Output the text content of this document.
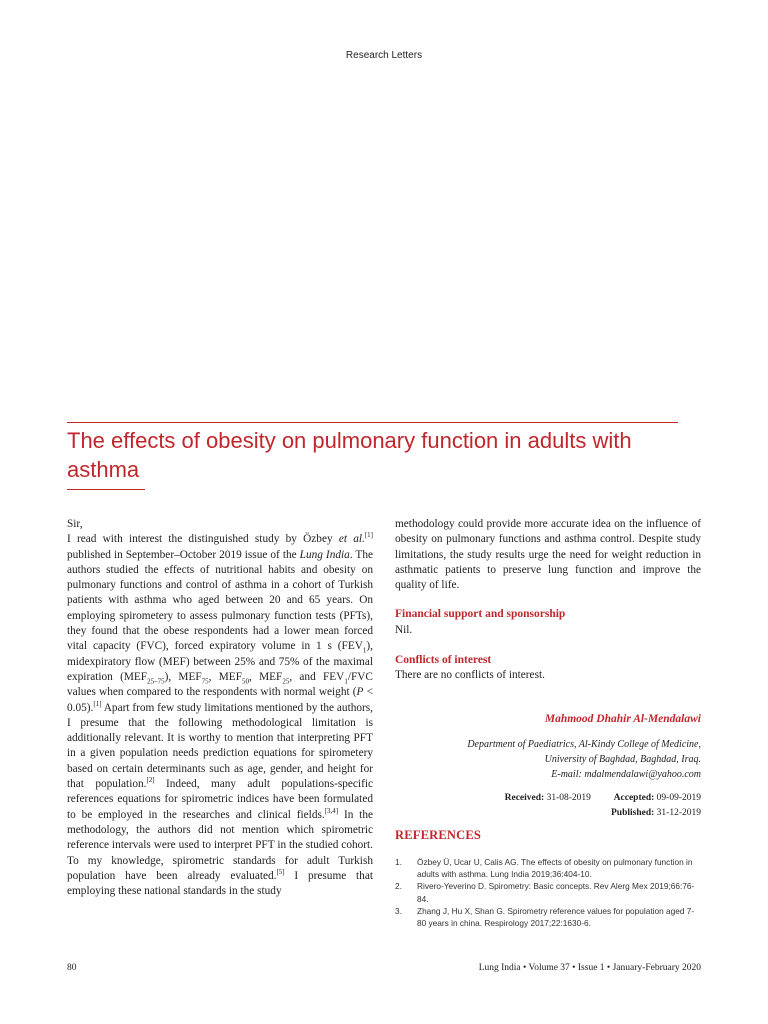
Research Letters
The effects of obesity on pulmonary function in adults with asthma

Sir,

I read with interest the distinguished study by Özbey et al.[1] published in September–October 2019 issue of the Lung India. The authors studied the effects of nutritional habits and obesity on pulmonary functions and control of asthma in a cohort of Turkish patients with asthma who aged between 20 and 65 years. On employing spirometery to assess pulmonary function tests (PFTs), they found that the obese respondents had a lower mean forced vital capacity (FVC), forced expiratory volume in 1 s $(FEV_1)$, midexpiratory flow (MEF) between 25% and 75% of the maximal expiration $(MEF_{25-75})$, $MEF_{75}$, $MEF_{50}$, $MEF_{25}$, and $FEV_1$/FVC values when compared to the respondents with normal weight (P < 0.05).[1] Apart from few study limitations mentioned by the authors, I presume that the following methodological limitation is additionally relevant. It is worthy to mention that interpreting PFT in a given population needs prediction equations for spirometery based on certain determinants such as age, gender, and height for that population.[2] Indeed, many adult populations-specific references equations for spirometric indices have been formulated to be employed in the researches and clinical fields.[3,4] In the methodology, the authors did not mention which spirometric reference intervals were used to interpret PFT in the studied cohort. To my knowledge, spirometric standards for adult Turkish population have been already evaluated.[5] I presume that employing these national standards in the study

methodology could provide more accurate idea on the influence of obesity on pulmonary functions and asthma control. Despite study limitations, the study results urge the need for weight reduction in asthmatic patients to preserve lung function and improve the quality of life.

Financial support and sponsorship
Nil.
Conflicts of interest
There are no conflicts of interest.
Mahmood Dhahir Al-Mendalawi
Department of Paediatrics, Al-Kindy College of Medicine,
University of Baghdad, Baghdad, Iraq.
E-mail: mdalmendalawi@yahoo.com
Received: 31-08-2019 Accepted: 09-09-2019
Published: 31-12-2019
REFERENCES
1.	Özbey Ü, Ucar U, Calis AG. The effects of obesity on pulmonary function in adults with asthma. Lung India 2019;36:404-10.
2.	Rivero-Yeverino D. Spirometry: Basic concepts. Rev Alerg Mex 2019;66:76-84.
3.	Zhang J, Hu X, Shan G. Spirometry reference values for population aged 7-80 years in china. Respirology 2017;22:1630-6.
80	Lung India • Volume 37 • Issue 1 • January-February 2020
